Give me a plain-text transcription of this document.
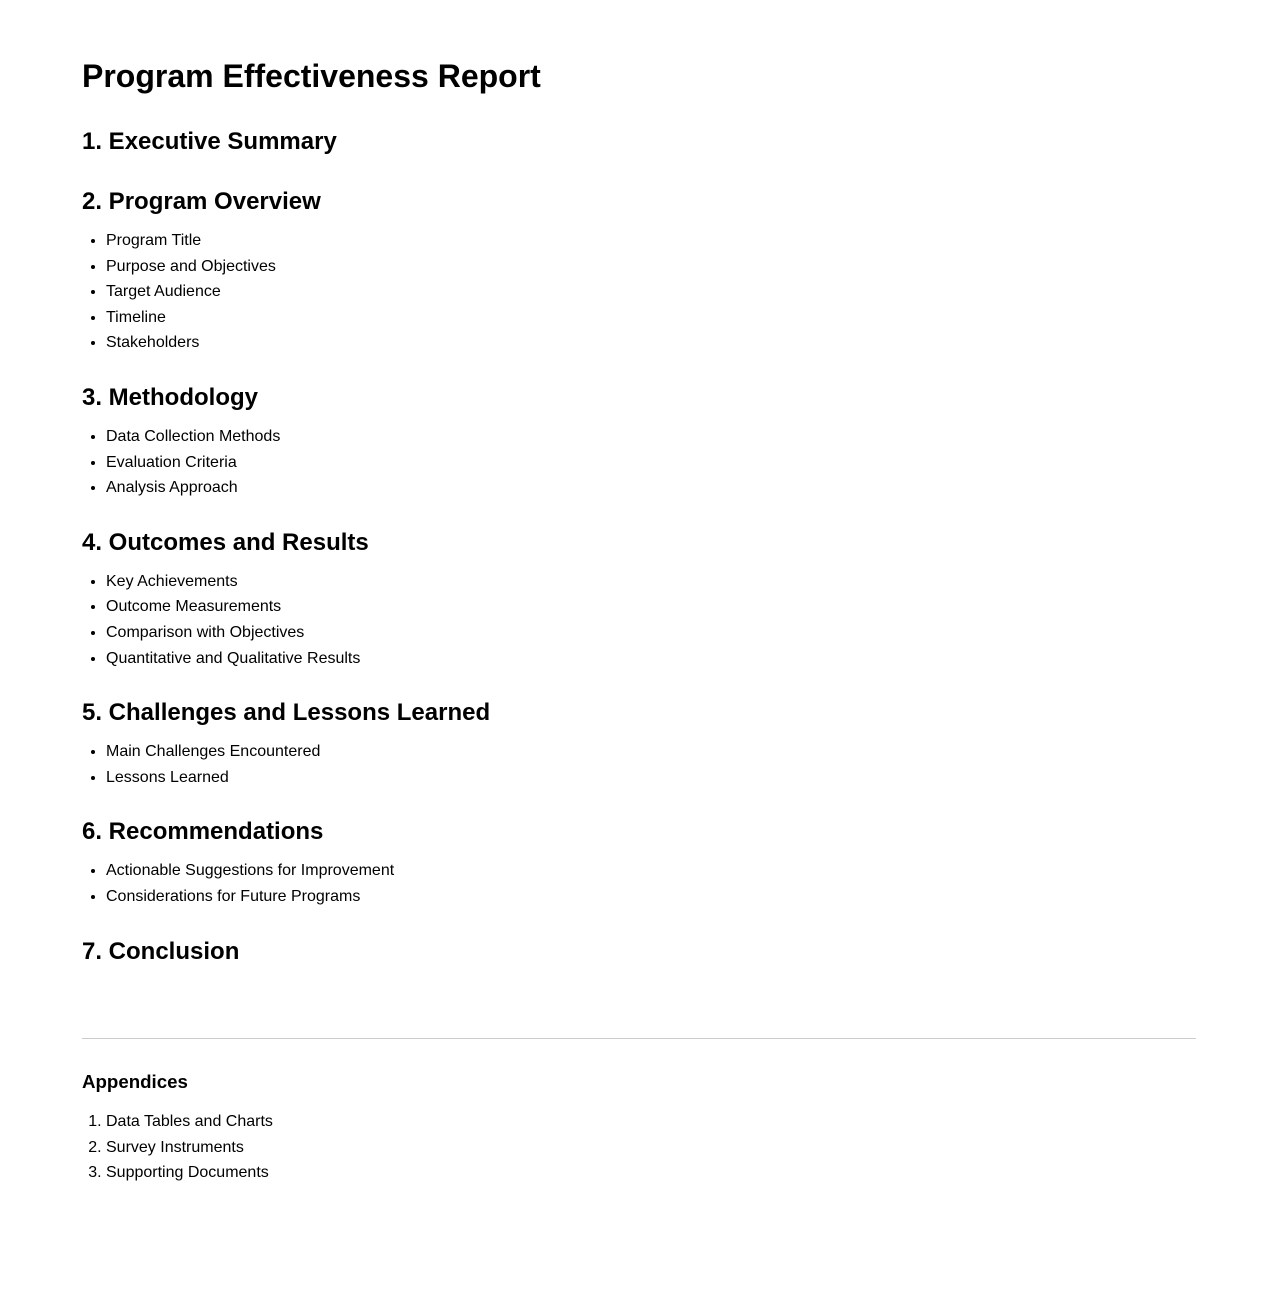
Program Effectiveness Report
1. Executive Summary
2. Program Overview
• Program Title
• Purpose and Objectives
• Target Audience
• Timeline
• Stakeholders
3. Methodology
• Data Collection Methods
• Evaluation Criteria
• Analysis Approach
4. Outcomes and Results
• Key Achievements
• Outcome Measurements
• Comparison with Objectives
• Quantitative and Qualitative Results
5. Challenges and Lessons Learned
• Main Challenges Encountered
• Lessons Learned
6. Recommendations
• Actionable Suggestions for Improvement
• Considerations for Future Programs
7. Conclusion
Appendices
1. Data Tables and Charts
2. Survey Instruments
3. Supporting Documents
